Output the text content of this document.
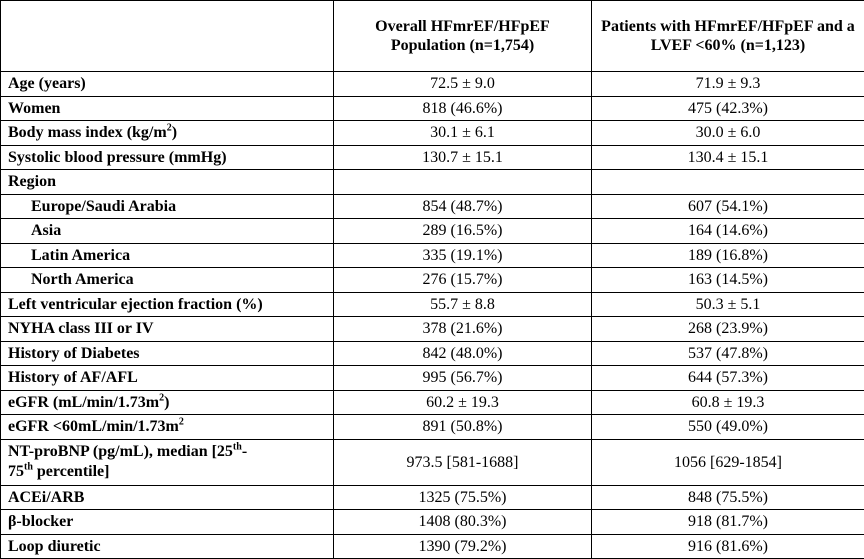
	Overall HFmrEF/HFpEF Population (n=1,754)	Patients with HFmrEF/HFpEF and a LVEF <60% (n=1,123)
Age (years)	72.5 ± 9.0	71.9 ± 9.3
Women	818 (46.6%)	475 (42.3%)
Body mass index $(kg/m^2)$	30.1 ± 6.1	30.0 ± 6.0
Systolic blood pressure (mmHg)	130.7 ± 15.1	130.4 ± 15.1
Region		
Europe/Saudi Arabia	854 (48.7%)	607 (54.1%)
Asia	289 (16.5%)	164 (14.6%)
Latin America	335 (19.1%)	189 (16.8%)
North America	276 (15.7%)	163 (14.5%)
Left ventricular ejection fraction (%)	55.7 ± 8.8	50.3 ± 5.1
NYHA class III or IV	378 (21.6%)	268 (23.9%)
History of Diabetes	842 (48.0%)	537 (47.8%)
History of AF/AFL	995 (56.7%)	644 (57.3%)
eGFR $(mL/\min/1.73m^2)$	60.2 ± 19.3	60.8 ± 19.3
eGFR $<60mL/\min/1.73m^2$	891 (50.8%)	550 (49.0%)
NT-proBNP (pg/mL), median [25th-
75th percentile]	973.5 [581-1688]	1056 [629-1854]
ACEi/ARB	1325 (75.5%)	848 (75.5%)
β-blocker	1408 (80.3%)	918 (81.7%)
Loop diuretic	1390 (79.2%)	916 (81.6%)
